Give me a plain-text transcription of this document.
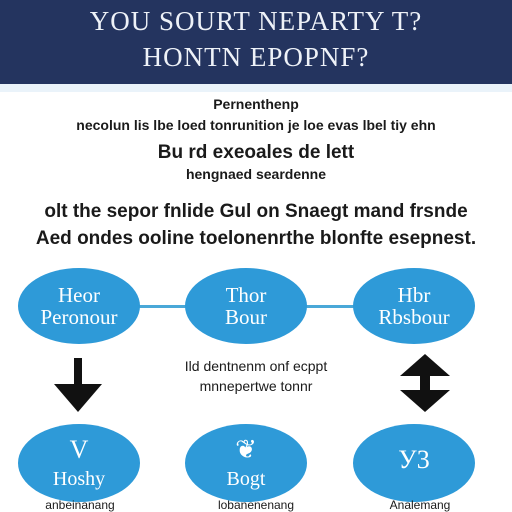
YOU SOURT NEPARTY T?
HONTN EPOPNF?
Pernenthenp
necolun lis lbe loed tonrunition je loe evas lbel tiy ehn
Bu rd exeoales de lett
hengnaed seardenne
olt the sepor fnlide Gul on Snaegt mand frsnde
Aed ondes ooline toelonenrthe blonfte esepnest.
Heor
Peronour
Thor
Bour
Hbr
Rbsbour
Ild dentnenm onf ecppt
mnnepertwe tonnr
V
Hoshy
❦
Bogt
У3
anbeinanang	lobanenenang	Analemang
